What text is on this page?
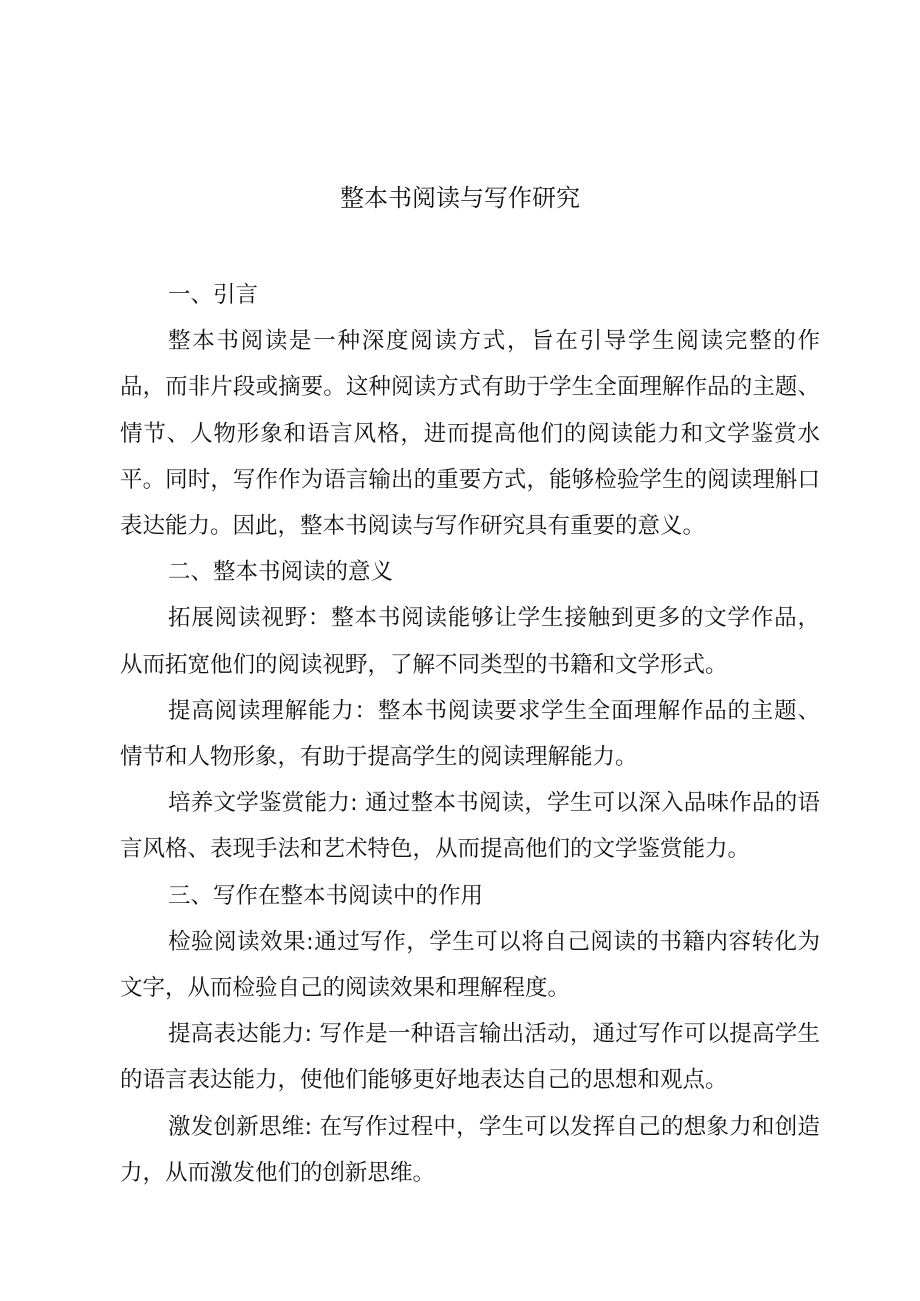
整本书阅读与写作研究

一、引言

整本书阅读是一种深度阅读方式，旨在引导学生阅读完整的作品，而非片段或摘要。这种阅读方式有助于学生全面理解作品的主题、情节、人物形象和语言风格，进而提高他们的阅读能力和文学鉴赏水平。同时，写作作为语言输出的重要方式，能够检验学生的阅读理斛口表达能力。因此，整本书阅读与写作研究具有重要的意义。

二、整本书阅读的意义

拓展阅读视野：整本书阅读能够让学生接触到更多的文学作品，从而拓宽他们的阅读视野，了解不同类型的书籍和文学形式。

提高阅读理解能力：整本书阅读要求学生全面理解作品的主题、情节和人物形象，有助于提高学生的阅读理解能力。

培养文学鉴赏能力: 通过整本书阅读，学生可以深入品味作品的语言风格、表现手法和艺术特色，从而提高他们的文学鉴赏能力。

三、写作在整本书阅读中的作用

检验阅读效果:通过写作，学生可以将自己阅读的书籍内容转化为文字，从而检验自己的阅读效果和理解程度。

提高表达能力: 写作是一种语言输出活动，通过写作可以提高学生的语言表达能力，使他们能够更好地表达自己的思想和观点。

激发创新思维: 在写作过程中，学生可以发挥自己的想象力和创造力，从而激发他们的创新思维。
